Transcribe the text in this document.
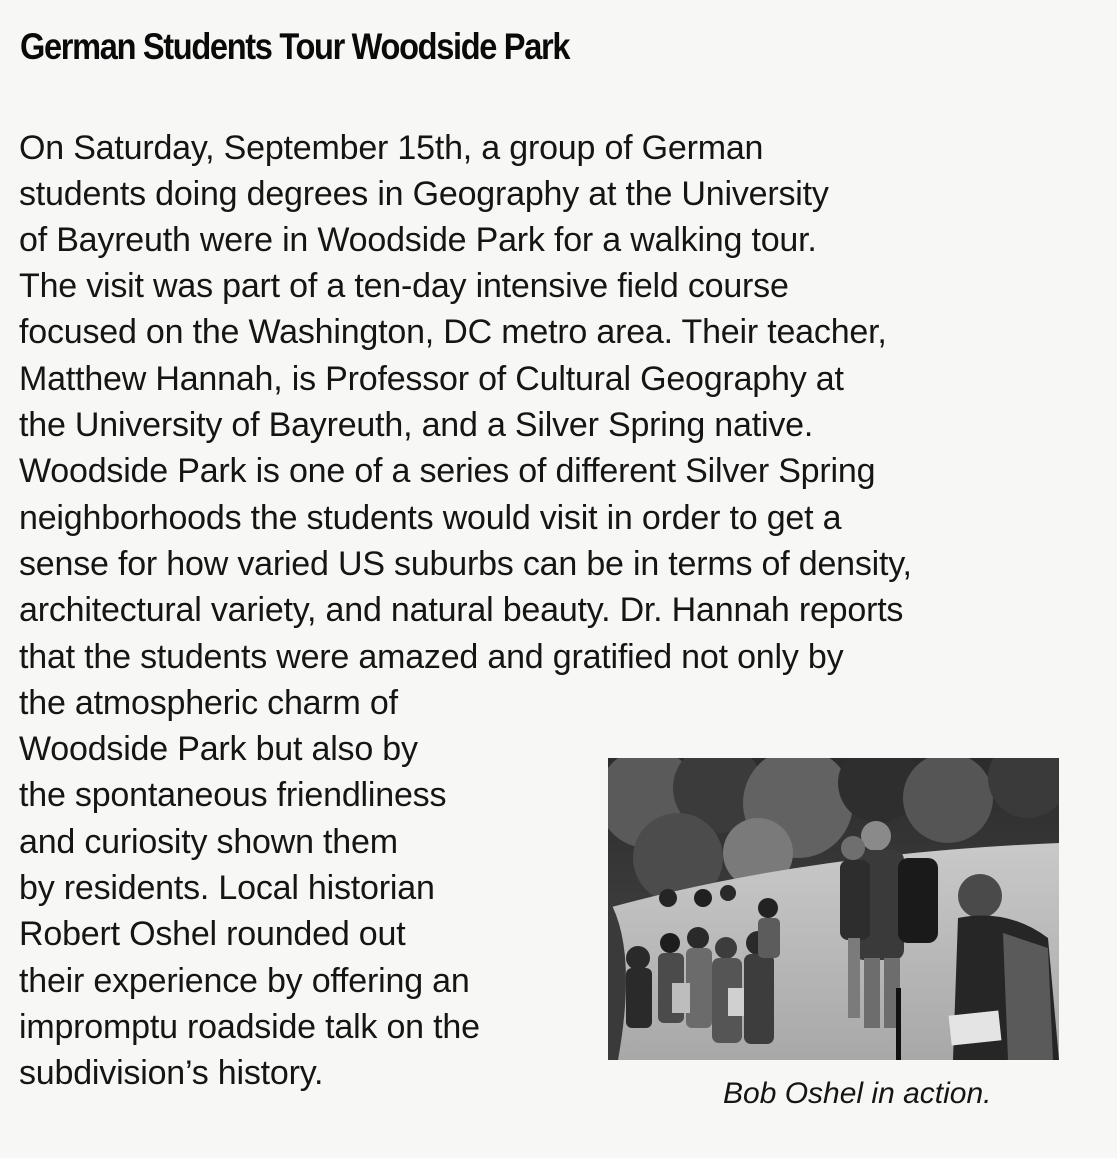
German Students Tour Woodside Park

On Saturday, September 15th, a group of German

students doing degrees in Geography at the University

of Bayreuth were in Woodside Park for a walking tour.

The visit was part of a ten-day intensive field course

focused on the Washington, DC metro area. Their teacher,

Matthew Hannah, is Professor of Cultural Geography at

the University of Bayreuth, and a Silver Spring native.

Woodside Park is one of a series of different Silver Spring

neighborhoods the students would visit in order to get a

sense for how varied US suburbs can be in terms of density,

architectural variety, and natural beauty. Dr. Hannah reports

that the students were amazed and gratified not only by

the atmospheric charm of

Woodside Park but also by

the spontaneous friendliness

and curiosity shown them

by residents. Local historian

Robert Oshel rounded out

their experience by offering an

impromptu roadside talk on the

subdivision’s history.

Bob Oshel in action.
